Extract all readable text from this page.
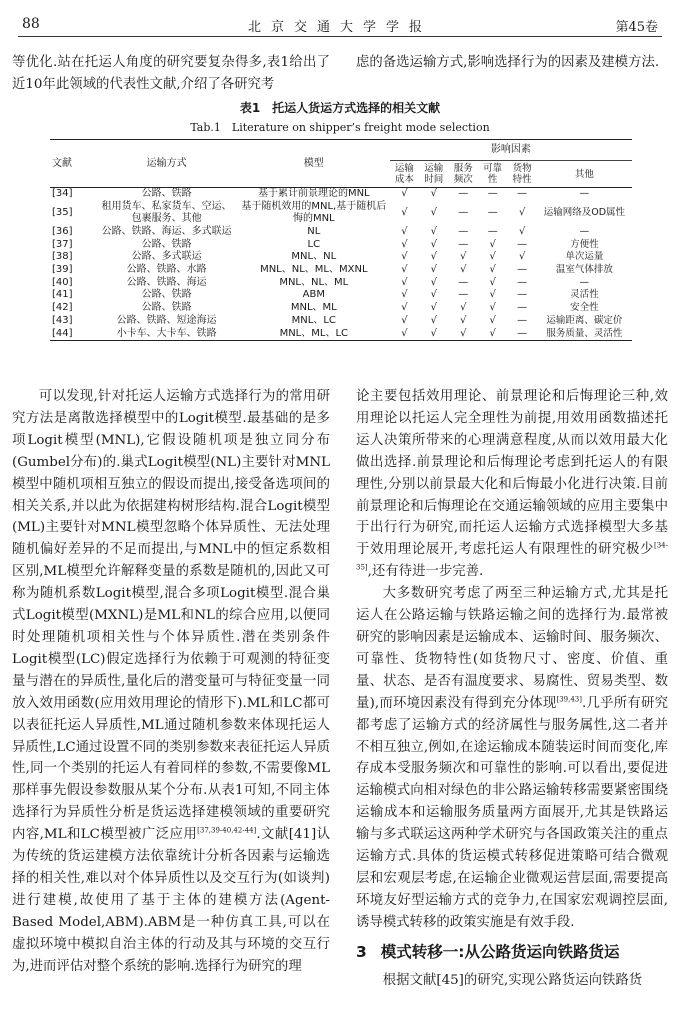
88	北京交通大学学报	第45卷

等优化.站在托运人角度的研究要复杂得多,表1给出了近10年此领域的代表性文献,介绍了各研究考

虑的备选运输方式,影响选择行为的因素及建模方法.

表1　托运人货运方式选择的相关文献
Tab.1　Literature on shipper’s freight mode selection
文献	运输方式	模型	影响因素					
			运输成本	运输时间	服务频次	可靠性	货物特性	其他
[34]	公路、铁路	基于累计前景理论的MNL	√	√	—	—	—	—
[35]	租用货车、私家货车、空运、包裹服务、其他	基于随机效用的MNL,基于随机后悔的MNL	√	√	—	—	√	运输网络及OD属性
[36]	公路、铁路、海运、多式联运	NL	√	√	—	—	√	—
[37]	公路、铁路	LC	√	√	—	√	—	方便性
[38]	公路、多式联运	MNL、NL	√	√	√	√	√	单次运量
[39]	公路、铁路、水路	MNL、NL、ML、MXNL	√	√	√	√	—	温室气体排放
[40]	公路、铁路、海运	MNL、NL、ML	√	√	—	√	—	—
[41]	公路、铁路	ABM	√	√	—	√	—	灵活性
[42]	公路、铁路	MNL、ML	√	√	√	√	—	安全性
[43]	公路、铁路、短途海运	MNL、LC	√	√	√	√	—	运输距离、碳定价
[44]	小卡车、大卡车、铁路	MNL、ML、LC	√	√	√	√	—	服务质量、灵活性

可以发现,针对托运人运输方式选择行为的常用研究方法是离散选择模型中的Logit模型.最基础的是多项Logit模型(MNL),它假设随机项是独立同分布(Gumbel分布)的.巢式Logit模型(NL)主要针对MNL模型中随机项相互独立的假设而提出,接受备选项间的相关关系,并以此为依据建构树形结构.混合Logit模型(ML)主要针对MNL模型忽略个体异质性、无法处理随机偏好差异的不足而提出,与MNL中的恒定系数相区别,ML模型允许解释变量的系数是随机的,因此又可称为随机系数Logit模型,混合多项Logit模型.混合巢式Logit模型(MXNL)是ML和NL的综合应用,以便同时处理随机项相关性与个体异质性.潜在类别条件Logit模型(LC)假定选择行为依赖于可观测的特征变量与潜在的异质性,量化后的潜变量可与特征变量一同放入效用函数(应用效用理论的情形下).ML和LC都可以表征托运人异质性,ML通过随机参数来体现托运人异质性,LC通过设置不同的类别参数来表征托运人异质性,同一个类别的托运人有着同样的参数,不需要像ML那样事先假设参数服从某个分布.从表1可知,不同主体选择行为异质性分析是货运选择建模领域的重要研究内容,ML和LC模型被广泛应用[37,39-40,42-44].文献[41]认为传统的货运建模方法依靠统计分析各因素与运输选择的相关性,难以对个体异质性以及交互行为(如谈判)进行建模,故使用了基于主体的建模方法(Agent-Based Model,ABM).ABM是一种仿真工具,可以在虚拟环境中模拟自治主体的行动及其与环境的交互行为,进而评估对整个系统的影响.选择行为研究的理

论主要包括效用理论、前景理论和后悔理论三种,效用理论以托运人完全理性为前提,用效用函数描述托运人决策所带来的心理满意程度,从而以效用最大化做出选择.前景理论和后悔理论考虑到托运人的有限理性,分别以前景最大化和后悔最小化进行决策.目前前景理论和后悔理论在交通运输领域的应用主要集中于出行行为研究,而托运人运输方式选择模型大多基于效用理论展开,考虑托运人有限理性的研究极少[34-35],还有待进一步完善.

大多数研究考虑了两至三种运输方式,尤其是托运人在公路运输与铁路运输之间的选择行为.最常被研究的影响因素是运输成本、运输时间、服务频次、可靠性、货物特性(如货物尺寸、密度、价值、重量、状态、是否有温度要求、易腐性、贸易类型、数量),而环境因素没有得到充分体现[39,43].几乎所有研究都考虑了运输方式的经济属性与服务属性,这二者并不相互独立,例如,在途运输成本随装运时间而变化,库存成本受服务频次和可靠性的影响.可以看出,要促进运输模式向相对绿色的非公路运输转移需要紧密围绕运输成本和运输服务质量两方面展开,尤其是铁路运输与多式联运这两种学术研究与各国政策关注的重点运输方式.具体的货运模式转移促进策略可结合微观层和宏观层考虑,在运输企业微观运营层面,需要提高环境友好型运输方式的竞争力,在国家宏观调控层面,诱导模式转移的政策实施是有效手段.

3 模式转移一:从公路货运向铁路货运

根据文献[45]的研究,实现公路货运向铁路货
